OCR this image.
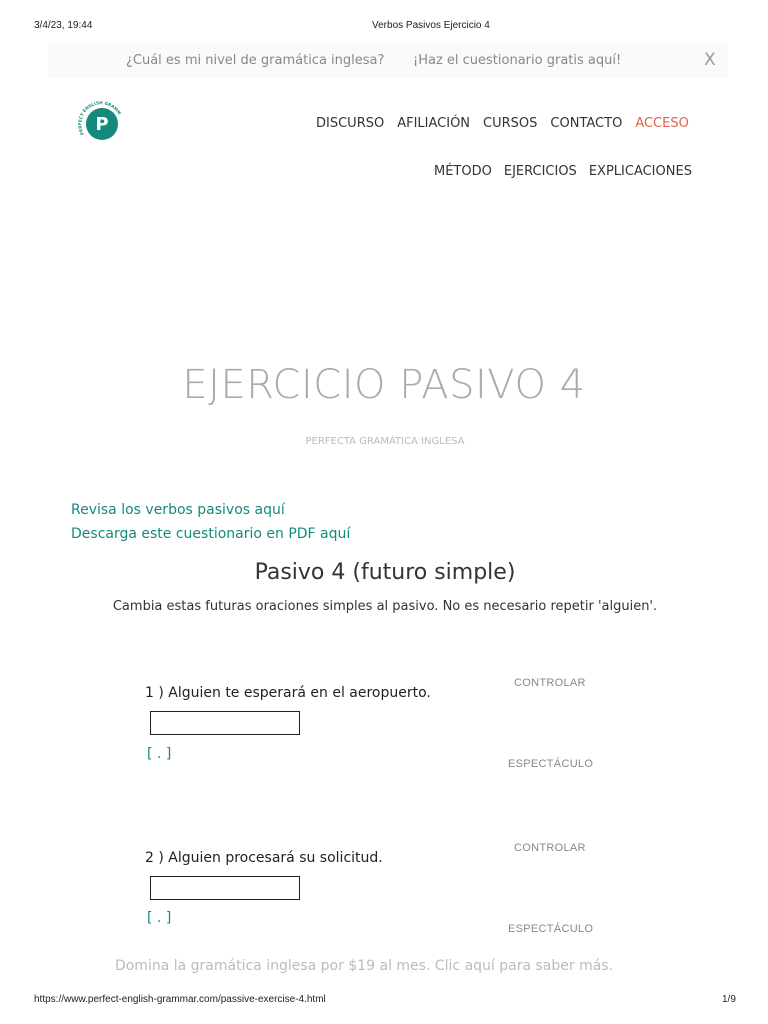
3/4/23, 19:44	Verbos Pasivos Ejercicio 4
¿Cuál es mi nivel de gramática inglesa? ¡Haz el cuestionario gratis aquí!	X
PERFECT ENGLISH GRAMM
P	DISCURSO AFILIACIÓN CURSOS CONTACTO ACCESO
MÉTODO EJERCICIOS EXPLICACIONES
EJERCICIO PASIVO 4
PERFECTA GRAMÁTICA INGLESA
Revisa los verbos pasivos aquí
Descarga este cuestionario en PDF aquí
Pasivo 4 (futuro simple)
Cambia estas futuras oraciones simples al pasivo. No es necesario repetir 'alguien'.
1 ) Alguien te esperará en el aeropuerto.
CONTROLAR
[ . ]
ESPECTÁCULO
2 ) Alguien procesará su solicitud.
CONTROLAR
[ . ]
ESPECTÁCULO
Domina la gramática inglesa por $19 al mes. Clic aquí para saber más.
https://www.perfect-english-grammar.com/passive-exercise-4.html	1/9
